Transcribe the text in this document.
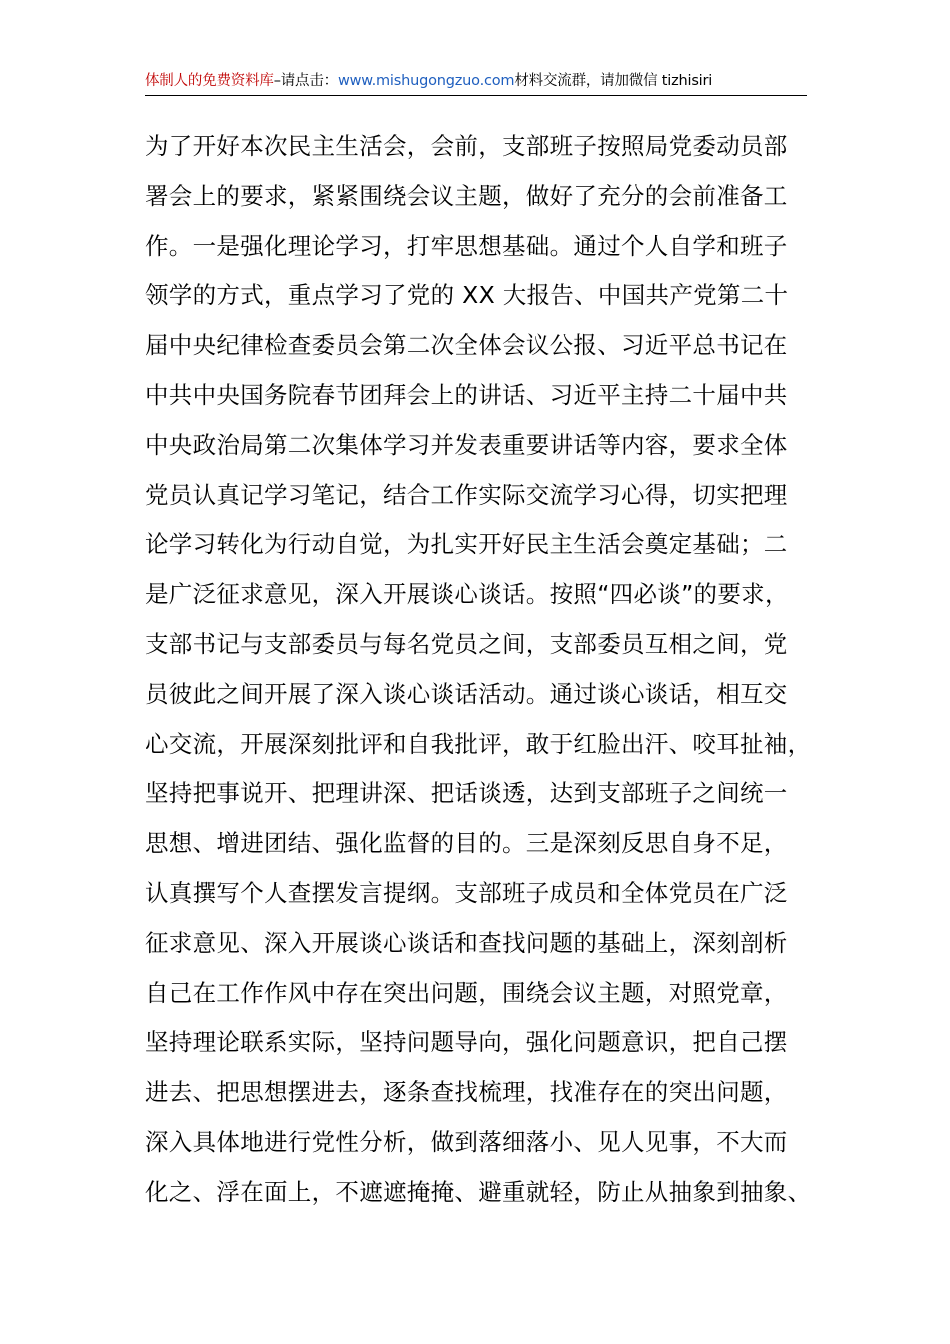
体制人的免费资料库–请点击：www.mishugongzuo.com材料交流群，请加微信 tizhisiri
为了开好本次民主生活会，会前，支部班子按照局党委动员部
署会上的要求，紧紧围绕会议主题，做好了充分的会前准备工
作。一是强化理论学习，打牢思想基础。通过个人自学和班子
领学的方式，重点学习了党的 XX 大报告、中国共产党第二十
届中央纪律检查委员会第二次全体会议公报、习近平总书记在
中共中央国务院春节团拜会上的讲话、习近平主持二十届中共
中央政治局第二次集体学习并发表重要讲话等内容，要求全体
党员认真记学习笔记，结合工作实际交流学习心得，切实把理
论学习转化为行动自觉，为扎实开好民主生活会奠定基础；二
是广泛征求意见，深入开展谈心谈话。按照“四必谈”的要求，
支部书记与支部委员与每名党员之间，支部委员互相之间，党
员彼此之间开展了深入谈心谈话活动。通过谈心谈话，相互交
心交流，开展深刻批评和自我批评，敢于红脸出汗、咬耳扯袖，
坚持把事说开、把理讲深、把话谈透，达到支部班子之间统一
思想、增进团结、强化监督的目的。三是深刻反思自身不足，
认真撰写个人查摆发言提纲。支部班子成员和全体党员在广泛
征求意见、深入开展谈心谈话和查找问题的基础上，深刻剖析
自己在工作作风中存在突出问题，围绕会议主题，对照党章，
坚持理论联系实际，坚持问题导向，强化问题意识，把自己摆
进去、把思想摆进去，逐条查找梳理，找准存在的突出问题，
深入具体地进行党性分析，做到落细落小、见人见事，不大而
化之、浮在面上，不遮遮掩掩、避重就轻，防止从抽象到抽象、
